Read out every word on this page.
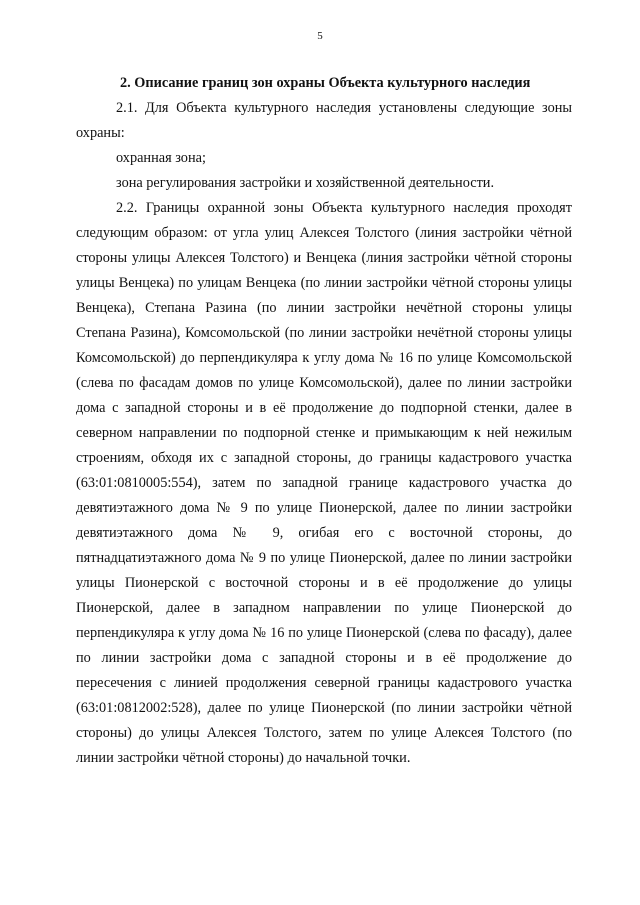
5

2. Описание границ зон охраны Объекта культурного наследия

2.1. Для Объекта культурного наследия установлены следующие зоны охраны:

охранная зона;

зона регулирования застройки и хозяйственной деятельности.

2.2. Границы охранной зоны Объекта культурного наследия проходят следующим образом: от угла улиц Алексея Толстого (линия застройки чётной стороны улицы Алексея Толстого) и Венцека (линия застройки чётной стороны улицы Венцека) по улицам Венцека (по линии застройки чётной стороны улицы Венцека), Степана Разина (по линии застройки нечётной стороны улицы Степана Разина), Комсомольской (по линии застройки нечётной стороны улицы Комсомольской) до перпендикуляра к углу дома № 16 по улице Комсомольской (слева по фасадам домов по улице Комсомольской), далее по линии застройки дома с западной стороны и в её продолжение до подпорной стенки, далее в северном направлении по подпорной стенке и примыкающим к ней нежилым строениям, обходя их с западной стороны, до границы кадастрового участка (63:01:0810005:554), затем по западной границе кадастрового участка до девятиэтажного дома № 9 по улице Пионерской, далее по линии застройки девятиэтажного дома № 9, огибая его с восточной стороны, до пятнадцатиэтажного дома № 9 по улице Пионерской, далее по линии застройки улицы Пионерской с восточной стороны и в её продолжение до улицы Пионерской, далее в западном направлении по улице Пионерской до перпендикуляра к углу дома № 16 по улице Пионерской (слева по фасаду), далее по линии застройки дома с западной стороны и в её продолжение до пересечения с линией продолжения северной границы кадастрового участка (63:01:0812002:528), далее по улице Пионерской (по линии застройки чётной стороны) до улицы Алексея Толстого, затем по улице Алексея Толстого (по линии застройки чётной стороны) до начальной точки.
